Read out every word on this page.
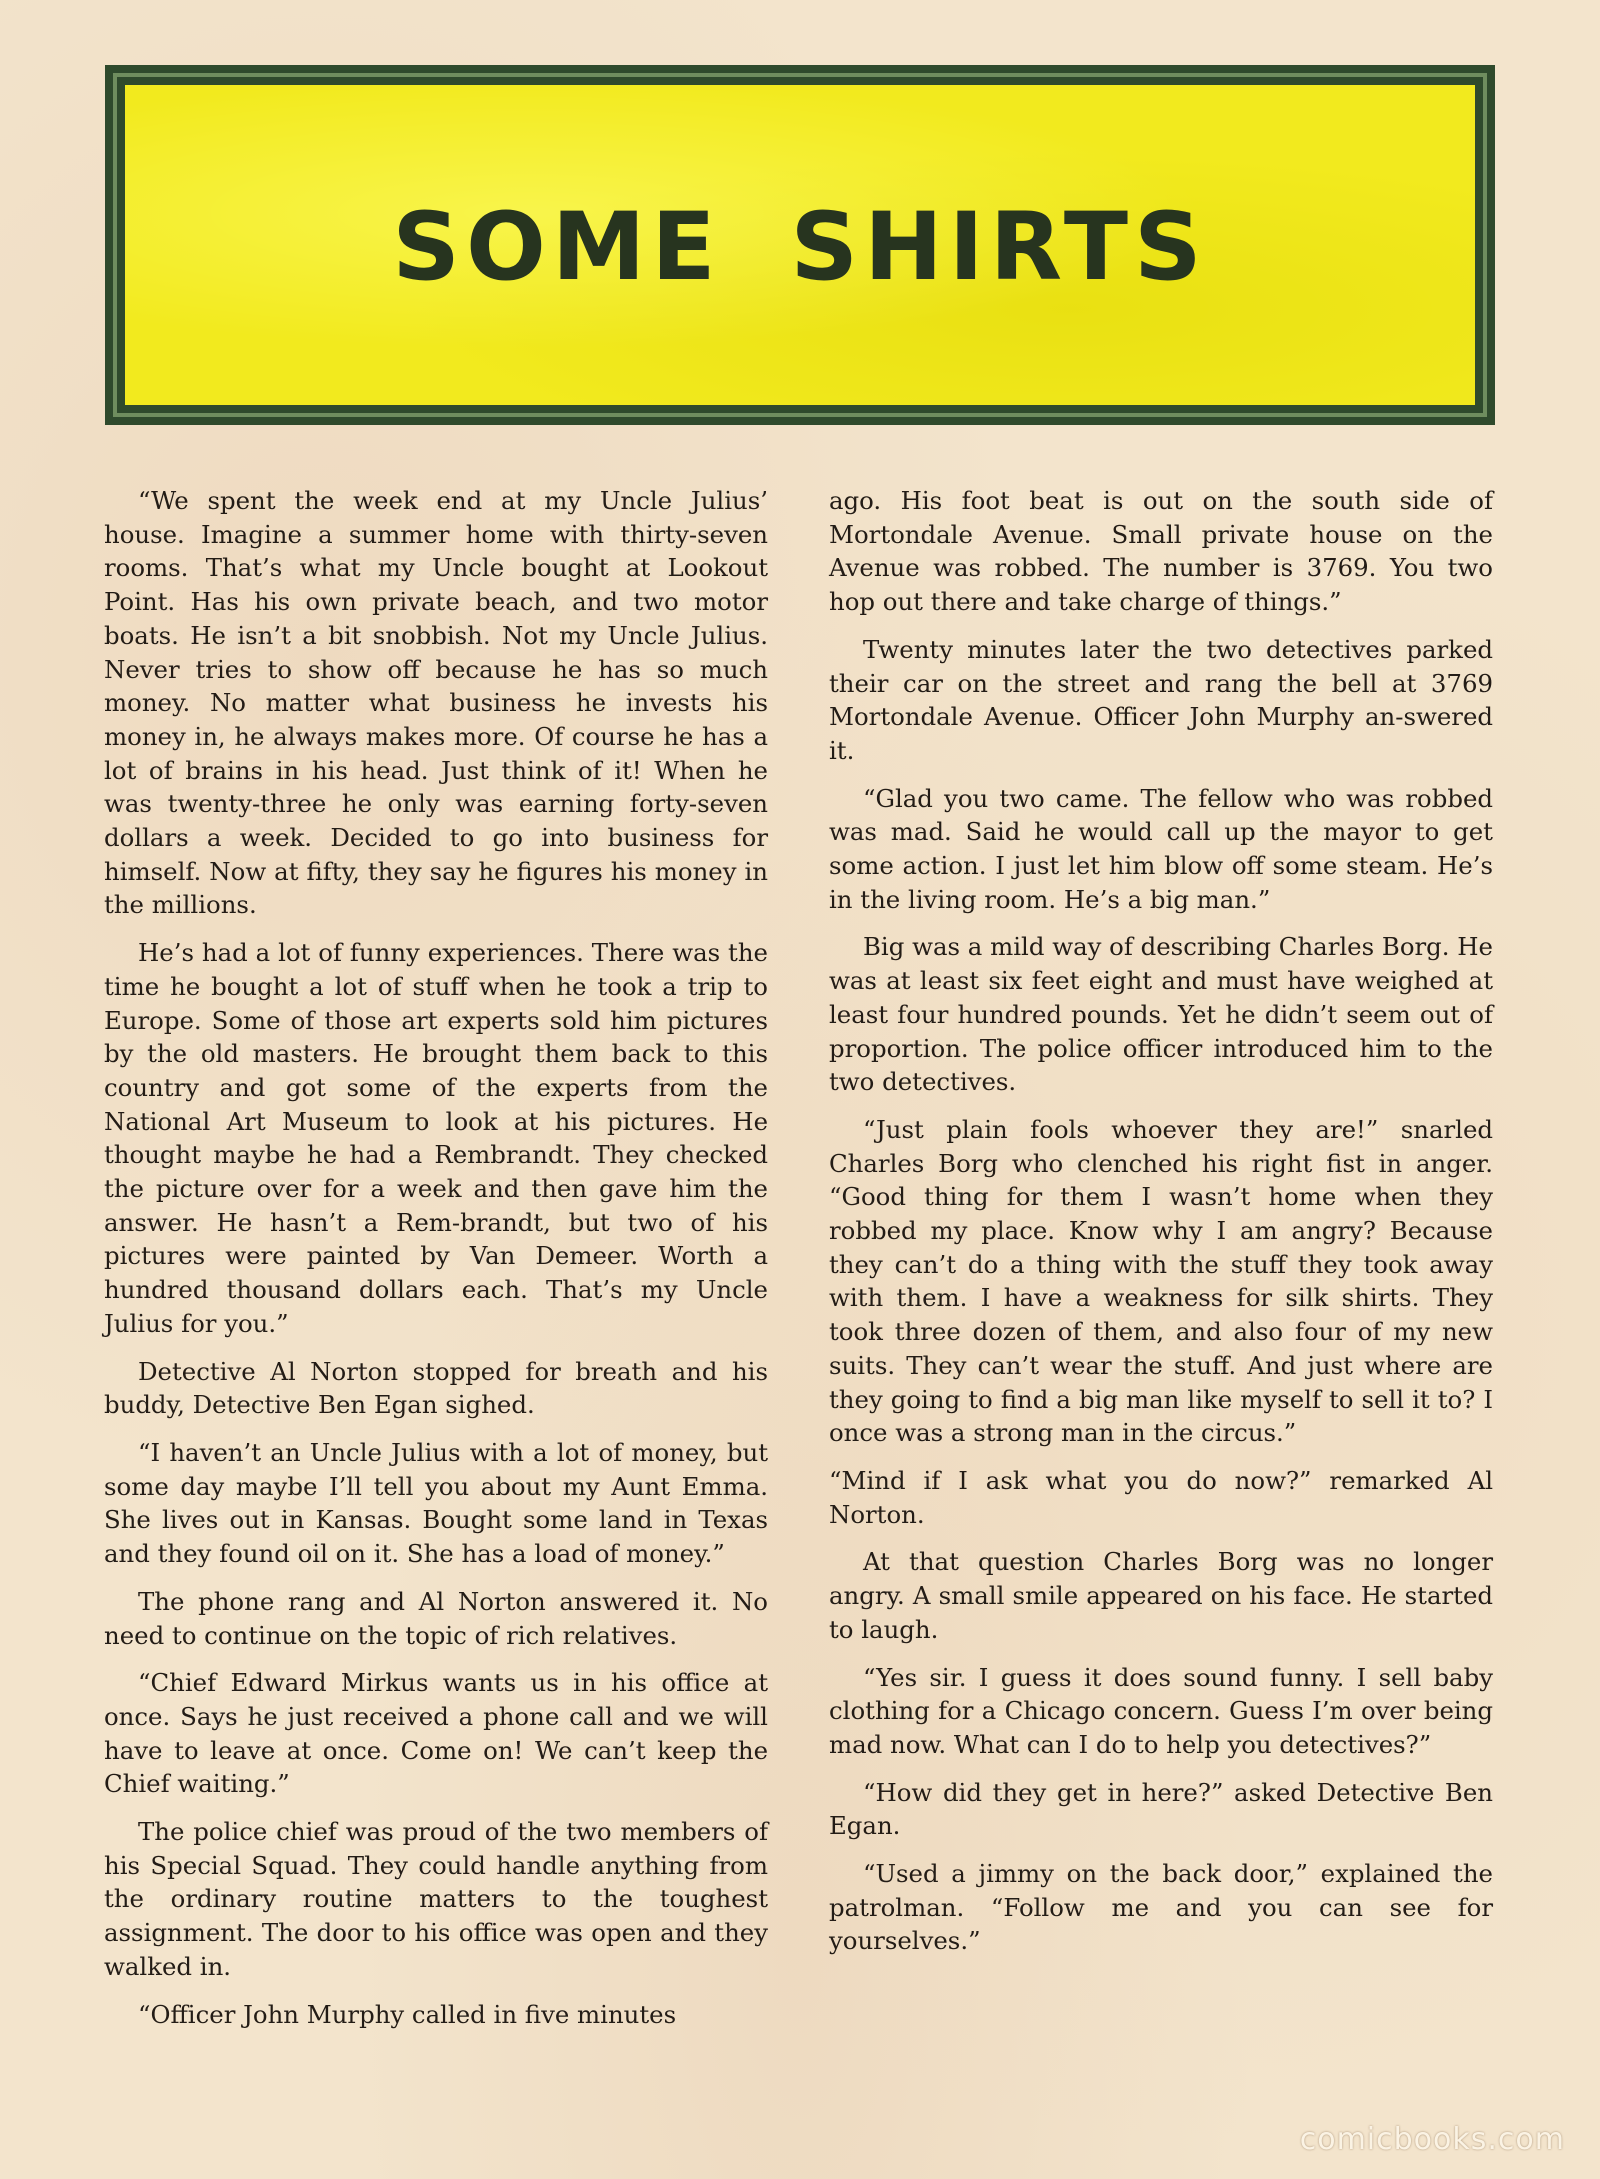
SOME SHIRTS

“We spent the week end at my Uncle Julius’ house. Imagine a summer home with thirty-seven rooms. That’s what my Uncle bought at Lookout Point. Has his own private beach, and two motor boats. He isn’t a bit snobbish. Not my Uncle Julius. Never tries to show off because he has so much money. No matter what business he invests his money in, he always makes more. Of course he has a lot of brains in his head. Just think of it! When he was twenty-three he only was earning forty-seven dollars a week. Decided to go into business for himself. Now at fifty, they say he figures his money in the millions.

He’s had a lot of funny experiences. There was the time he bought a lot of stuff when he took a trip to Europe. Some of those art experts sold him pictures by the old masters. He brought them back to this country and got some of the experts from the National Art Museum to look at his pictures. He thought maybe he had a Rembrandt. They checked the picture over for a week and then gave him the answer. He hasn’t a Rem-brandt, but two of his pictures were painted by Van Demeer. Worth a hundred thousand dollars each. That’s my Uncle Julius for you.”

Detective Al Norton stopped for breath and his buddy, Detective Ben Egan sighed.

“I haven’t an Uncle Julius with a lot of money, but some day maybe I’ll tell you about my Aunt Emma. She lives out in Kansas. Bought some land in Texas and they found oil on it. She has a load of money.”

The phone rang and Al Norton answered it. No need to continue on the topic of rich relatives.

“Chief Edward Mirkus wants us in his office at once. Says he just received a phone call and we will have to leave at once. Come on! We can’t keep the Chief waiting.”

The police chief was proud of the two members of his Special Squad. They could handle anything from the ordinary routine matters to the toughest assignment. The door to his office was open and they walked in.

“Officer John Murphy called in five minutes

ago. His foot beat is out on the south side of Mortondale Avenue. Small private house on the Avenue was robbed. The number is 3769. You two hop out there and take charge of things.”

Twenty minutes later the two detectives parked their car on the street and rang the bell at 3769 Mortondale Avenue. Officer John Murphy an-swered it.

“Glad you two came. The fellow who was robbed was mad. Said he would call up the mayor to get some action. I just let him blow off some steam. He’s in the living room. He’s a big man.”

Big was a mild way of describing Charles Borg. He was at least six feet eight and must have weighed at least four hundred pounds. Yet he didn’t seem out of proportion. The police officer introduced him to the two detectives.

“Just plain fools whoever they are!” snarled Charles Borg who clenched his right fist in anger. “Good thing for them I wasn’t home when they robbed my place. Know why I am angry? Because they can’t do a thing with the stuff they took away with them. I have a weakness for silk shirts. They took three dozen of them, and also four of my new suits. They can’t wear the stuff. And just where are they going to find a big man like myself to sell it to? I once was a strong man in the circus.”

“Mind if I ask what you do now?” remarked Al Norton.

At that question Charles Borg was no longer angry. A small smile appeared on his face. He started to laugh.

“Yes sir. I guess it does sound funny. I sell baby clothing for a Chicago concern. Guess I’m over being mad now. What can I do to help you detectives?”

“How did they get in here?” asked Detective Ben Egan.

“Used a jimmy on the back door,” explained the patrolman. “Follow me and you can see for yourselves.”

comicbooks.com
